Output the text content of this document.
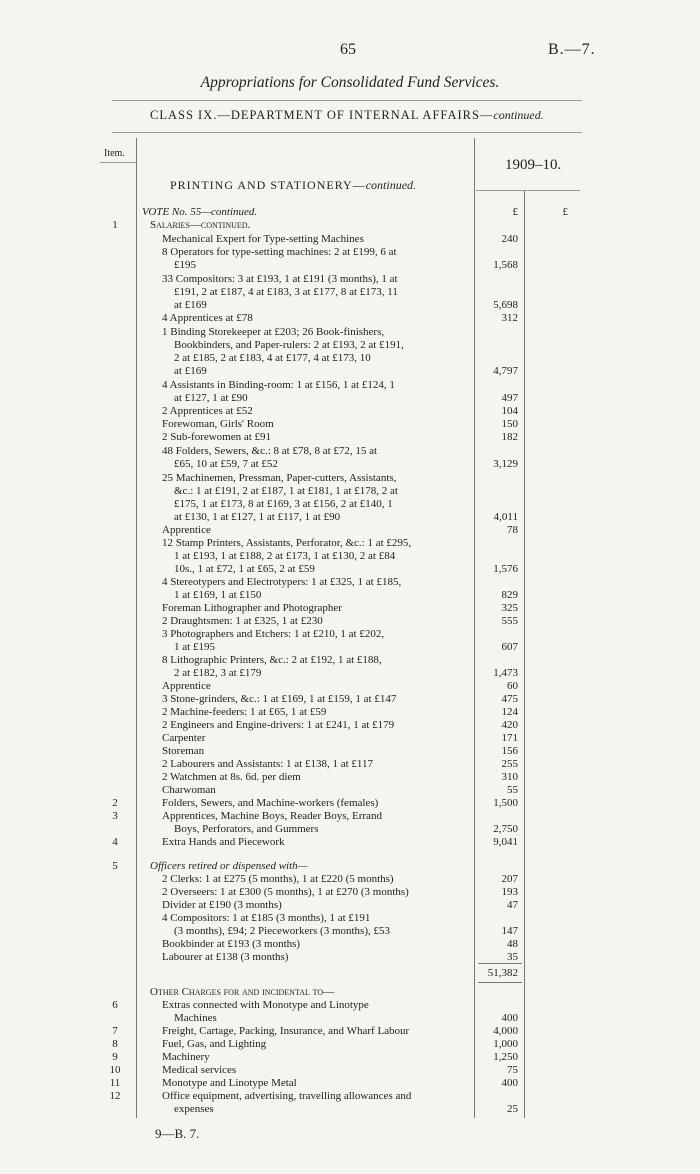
65	B.—7.
Appropriations for Consolidated Fund Services.
CLASS IX.—DEPARTMENT OF INTERNAL AFFAIRS—continued.
Item.
1909–10.
PRINTING AND STATIONERY—continued.
VOTE No. 55—continued.	£	£
1	Salaries—continued.
Mechanical Expert for Type-setting Machines	240
8 Operators for type-setting machines: 2 at £199, 6 at
£195	1,568
33 Compositors: 3 at £193, 1 at £191 (3 months), 1 at
£191, 2 at £187, 4 at £183, 3 at £177, 8 at £173, 11
at £169	5,698
4 Apprentices at £78	312
1 Binding Storekeeper at £203; 26 Book-finishers,
Bookbinders, and Paper-rulers: 2 at £193, 2 at £191,
2 at £185, 2 at £183, 4 at £177, 4 at £173, 10
at £169	4,797
4 Assistants in Binding-room: 1 at £156, 1 at £124, 1
at £127, 1 at £90	497
2 Apprentices at £52	104
Forewoman, Girls' Room	150
2 Sub-forewomen at £91	182
48 Folders, Sewers, &c.: 8 at £78, 8 at £72, 15 at
£65, 10 at £59, 7 at £52	3,129
25 Machinemen, Pressman, Paper-cutters, Assistants,
&c.: 1 at £191, 2 at £187, 1 at £181, 1 at £178, 2 at
£175, 1 at £173, 8 at £169, 3 at £156, 2 at £140, 1
at £130, 1 at £127, 1 at £117, 1 at £90	4,011
Apprentice	78
12 Stamp Printers, Assistants, Perforator, &c.: 1 at £295,
1 at £193, 1 at £188, 2 at £173, 1 at £130, 2 at £84
10s., 1 at £72, 1 at £65, 2 at £59	1,576
4 Stereotypers and Electrotypers: 1 at £325, 1 at £185,
1 at £169, 1 at £150	829
Foreman Lithographer and Photographer	325
2 Draughtsmen: 1 at £325, 1 at £230	555
3 Photographers and Etchers: 1 at £210, 1 at £202,
1 at £195	607
8 Lithographic Printers, &c.: 2 at £192, 1 at £188,
2 at £182, 3 at £179	1,473
Apprentice	60
3 Stone-grinders, &c.: 1 at £169, 1 at £159, 1 at £147	475
2 Machine-feeders: 1 at £65, 1 at £59	124
2 Engineers and Engine-drivers: 1 at £241, 1 at £179	420
Carpenter	171
Storeman	156
2 Labourers and Assistants: 1 at £138, 1 at £117	255
2 Watchmen at 8s. 6d. per diem	310
Charwoman	55
2	Folders, Sewers, and Machine-workers (females)	1,500
3	Apprentices, Machine Boys, Reader Boys, Errand
Boys, Perforators, and Gummers	2,750
4	Extra Hands and Piecework	9,041
5	Officers retired or dispensed with—
2 Clerks: 1 at £275 (5 months), 1 at £220 (5 months)	207
2 Overseers: 1 at £300 (5 months), 1 at £270 (3 months)	193
Divider at £190 (3 months)	47
4 Compositors: 1 at £185 (3 months), 1 at £191
(3 months), £94; 2 Pieceworkers (3 months), £53	147
Bookbinder at £193 (3 months)	48
Labourer at £138 (3 months)	35
51,382
Other Charges for and incidental to—
6	Extras connected with Monotype and Linotype
Machines	400
7	Freight, Cartage, Packing, Insurance, and Wharf Labour	4,000
8	Fuel, Gas, and Lighting	1,000
9	Machinery	1,250
10	Medical services	75
11	Monotype and Linotype Metal	400
12	Office equipment, advertising, travelling allowances and
expenses	25
9—B. 7.
